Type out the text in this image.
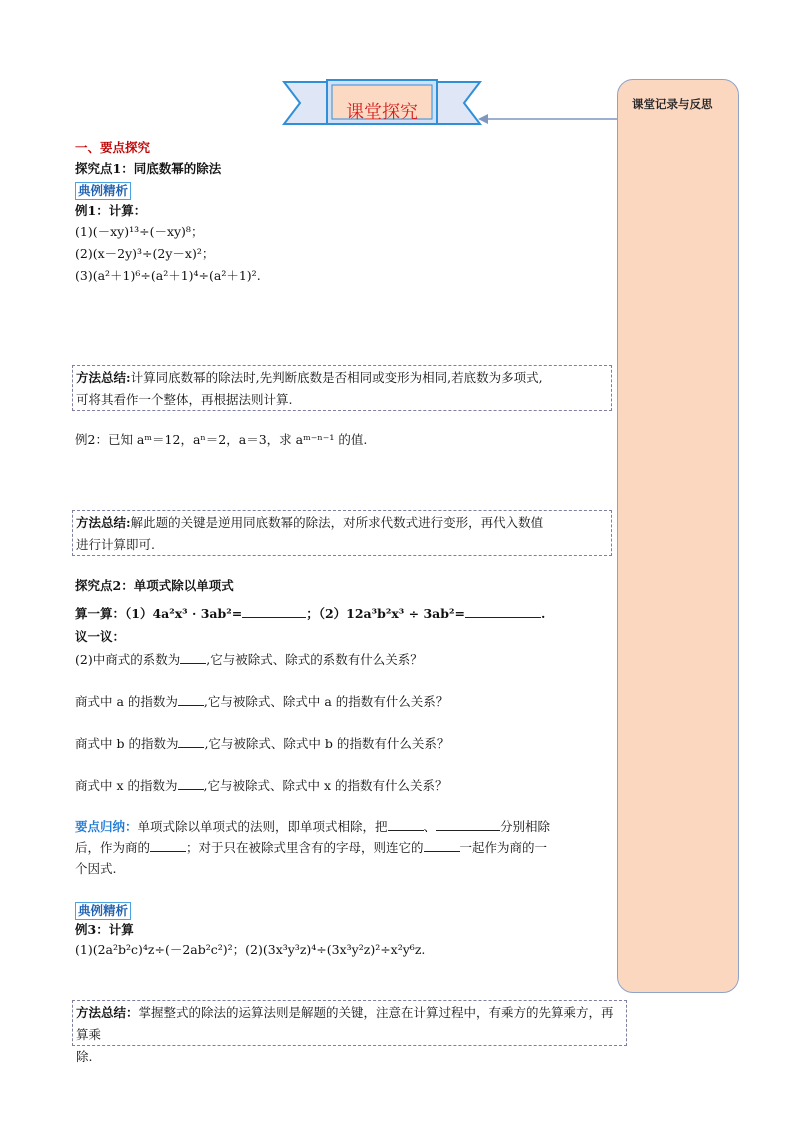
课堂探究	课堂记录与反思
一、要点探究
探究点1：同底数幂的除法
典例精析
例1：计算：
(1)(－xy)¹³÷(－xy)⁸；
(2)(x－2y)³÷(2y－x)²；
(3)(a²＋1)⁶÷(a²＋1)⁴÷(a²＋1)².
方法总结:计算同底数幂的除法时,先判断底数是否相同或变形为相同,若底数为多项式,
可将其看作一个整体，再根据法则计算.
例2：已知 aᵐ＝12，aⁿ＝2，a＝3，求 aᵐ⁻ⁿ⁻¹ 的值.
方法总结:解此题的关键是逆用同底数幂的除法，对所求代数式进行变形，再代入数值
进行计算即可.
探究点2：单项式除以单项式
算一算：（1）4a²x³ · 3ab²=	；（2）12a³b²x³ ÷ 3ab²=	.
议一议：
(2)中商式的系数为 ,它与被除式、除式的系数有什么关系？
商式中 a 的指数为 ,它与被除式、除式中 a 的指数有什么关系？
商式中 b 的指数为 ,它与被除式、除式中 b 的指数有什么关系？
商式中 x 的指数为 ,它与被除式、除式中 x 的指数有什么关系？
要点归纳：单项式除以单项式的法则，即单项式相除，把	、	分别相除
后，作为商的	；对于只在被除式里含有的字母，则连它的	一起作为商的一
个因式.
典例精析
例3：计算
(1)(2a²b²c)⁴z÷(－2ab²c²)²；(2)(3x³y³z)⁴÷(3x³y²z)²÷x²y⁶z.
方法总结：掌握整式的除法的运算法则是解题的关键，注意在计算过程中，有乘方的先算乘方，再算乘
除.
